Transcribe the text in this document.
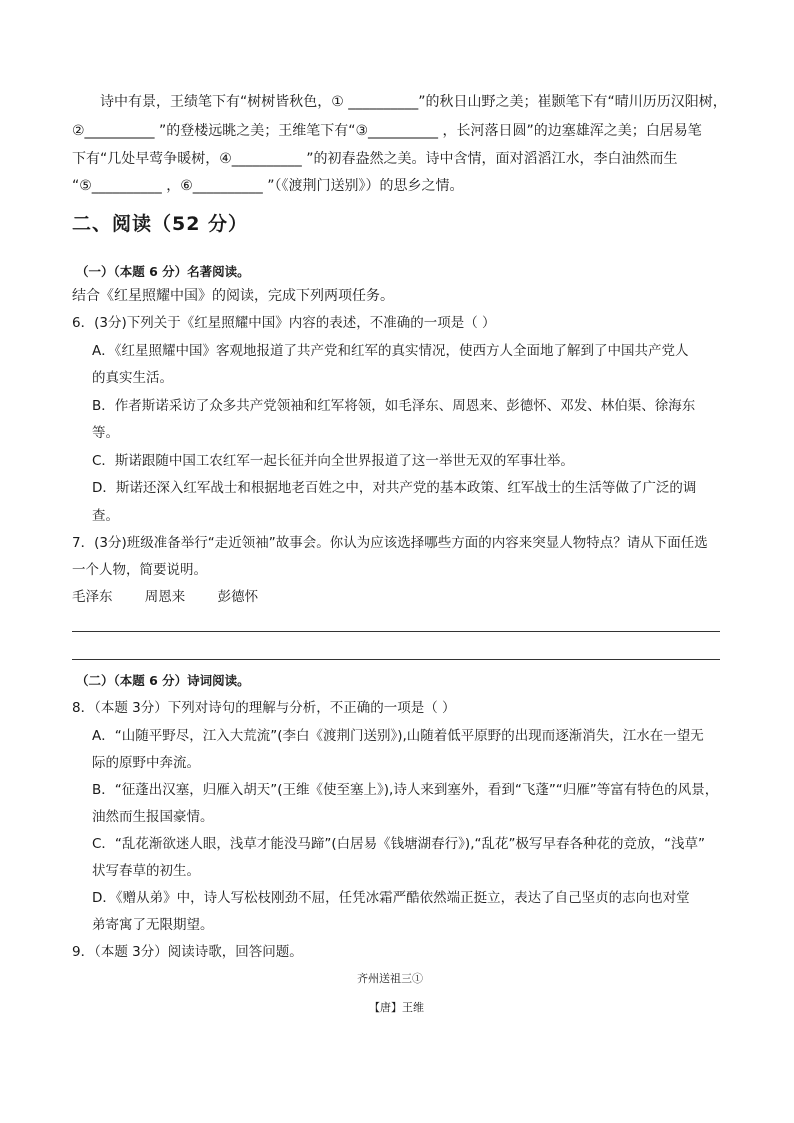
诗中有景，王绩笔下有“树树皆秋色，① __________”的秋日山野之美；崔颢笔下有“晴川历历汉阳树，
②__________ ”的登楼远眺之美；王维笔下有“③__________ ，长河落日圆”的边塞雄浑之美；白居易笔
下有“几处早莺争暖树，④__________ ”的初春盎然之美。诗中含情，面对滔滔江水，李白油然而生
“⑤__________ ，⑥__________ ”（《渡荆门送别》）的思乡之情。
二、阅读（52 分）
（一）（本题 6 分）名著阅读。
结合《红星照耀中国》的阅读，完成下列两项任务。
6．(3分)下列关于《红星照耀中国》内容的表述，不准确的一项是（ ）
A．《红星照耀中国》客观地报道了共产党和红军的真实情况，使西方人全面地了解到了中国共产党人
的真实生活。
B．作者斯诺采访了众多共产党领袖和红军将领，如毛泽东、周恩来、彭德怀、邓发、林伯渠、徐海东
等。
C．斯诺跟随中国工农红军一起长征并向全世界报道了这一举世无双的军事壮举。
D．斯诺还深入红军战士和根据地老百姓之中，对共产党的基本政策、红军战士的生活等做了广泛的调
查。
7．(3分)班级准备举行“走近领袖”故事会。你认为应该选择哪些方面的内容来突显人物特点？请从下面任选
一个人物，简要说明。
毛泽东 周恩来 彭德怀
（二）（本题 6 分）诗词阅读。
8．（本题 3分）下列对诗句的理解与分析，不正确的一项是（ ）
A．“山随平野尽，江入大荒流”(李白《渡荆门送别》),山随着低平原野的出现而逐渐消失，江水在一望无
际的原野中奔流。
B．“征蓬出汉塞，归雁入胡天”(王维《使至塞上》),诗人来到塞外，看到“飞蓬”“归雁”等富有特色的风景，
油然而生报国豪情。
C．“乱花渐欲迷人眼，浅草才能没马蹄”(白居易《钱塘湖春行》),“乱花”极写早春各种花的竞放，“浅草”
状写春草的初生。
D．《赠从弟》中，诗人写松枝刚劲不屈，任凭冰霜严酷依然端正挺立，表达了自己坚贞的志向也对堂
弟寄寓了无限期望。
9．（本题 3分）阅读诗歌，回答问题。
齐州送祖三①
【唐】王维
